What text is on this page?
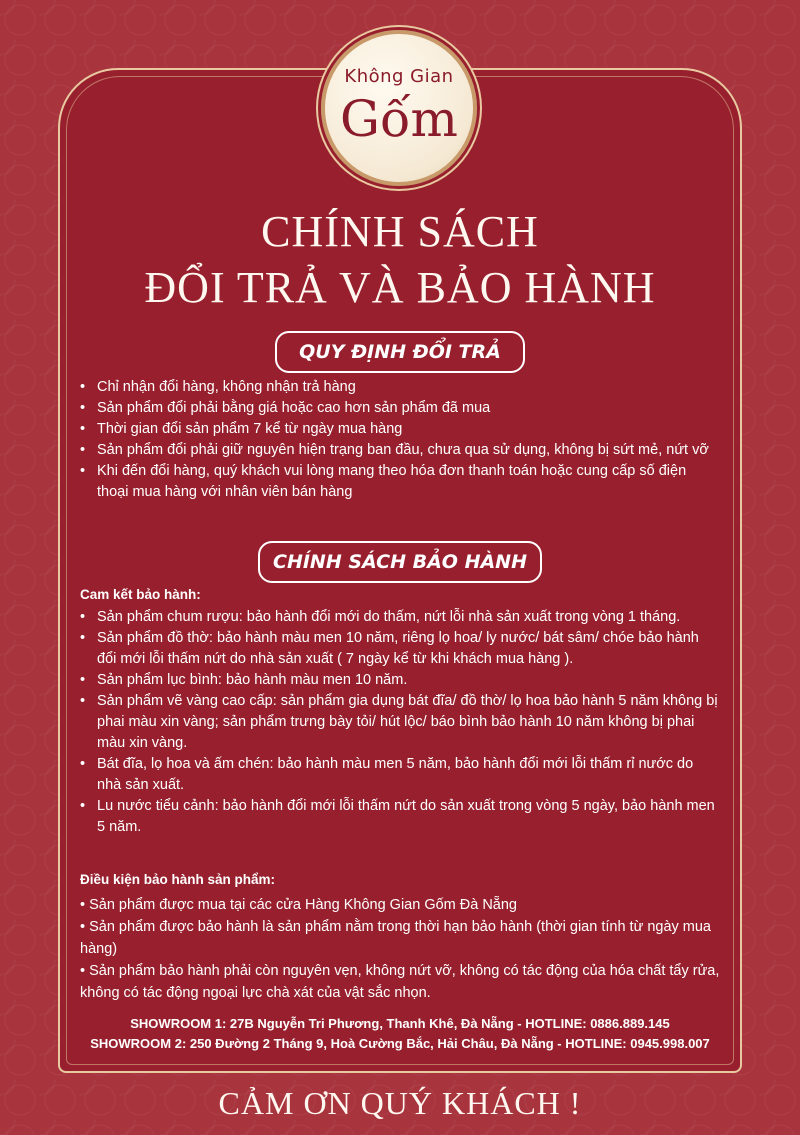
Không Gian
Gốm
CHÍNH SÁCH
ĐỔI TRẢ VÀ BẢO HÀNH
QUY ĐỊNH ĐỔI TRẢ
• Chỉ nhận đổi hàng, không nhận trả hàng
• Sản phẩm đổi phải bằng giá hoặc cao hơn sản phẩm đã mua
• Thời gian đổi sản phẩm 7 kể từ ngày mua hàng
• Sản phẩm đổi phải giữ nguyên hiện trạng ban đầu, chưa qua sử dụng, không bị sứt mẻ, nứt vỡ
• Khi đến đổi hàng, quý khách vui lòng mang theo hóa đơn thanh toán hoặc cung cấp số điện thoại mua hàng với nhân viên bán hàng
CHÍNH SÁCH BẢO HÀNH
Cam kết bảo hành:
• Sản phẩm chum rượu: bảo hành đổi mới do thấm, nứt lỗi nhà sản xuất trong vòng 1 tháng.
• Sản phẩm đồ thờ: bảo hành màu men 10 năm, riêng lọ hoa/ ly nước/ bát sâm/ chóe bảo hành đổi mới lỗi thấm nứt do nhà sản xuất ( 7 ngày kể từ khi khách mua hàng ).
• Sản phẩm lục bình: bảo hành màu men 10 năm.
• Sản phẩm vẽ vàng cao cấp: sản phẩm gia dụng bát đĩa/ đồ thờ/ lọ hoa bảo hành 5 năm không bị phai màu xin vàng; sản phẩm trưng bày tỏi/ hút lộc/ báo bình bảo hành 10 năm không bị phai màu xin vàng.
• Bát đĩa, lọ hoa và ấm chén: bảo hành màu men 5 năm, bảo hành đổi mới lỗi thấm rỉ nước do nhà sản xuất.
• Lu nước tiểu cảnh: bảo hành đổi mới lỗi thấm nứt do sản xuất trong vòng 5 ngày, bảo hành men 5 năm.
Điều kiện bảo hành sản phẩm:

• Sản phẩm được mua tại các cửa Hàng Không Gian Gốm Đà Nẵng

• Sản phẩm được bảo hành là sản phẩm nằm trong thời hạn bảo hành (thời gian tính từ ngày mua hàng)

• Sản phẩm bảo hành phải còn nguyên vẹn, không nứt vỡ, không có tác động của hóa chất tẩy rửa, không có tác động ngoại lực chà xát của vật sắc nhọn.

SHOWROOM 1: 27B Nguyễn Tri Phương, Thanh Khê, Đà Nẵng - HOTLINE: 0886.889.145
SHOWROOM 2: 250 Đường 2 Tháng 9, Hoà Cường Bắc, Hải Châu, Đà Nẵng - HOTLINE: 0945.998.007
CẢM ƠN QUÝ KHÁCH !
